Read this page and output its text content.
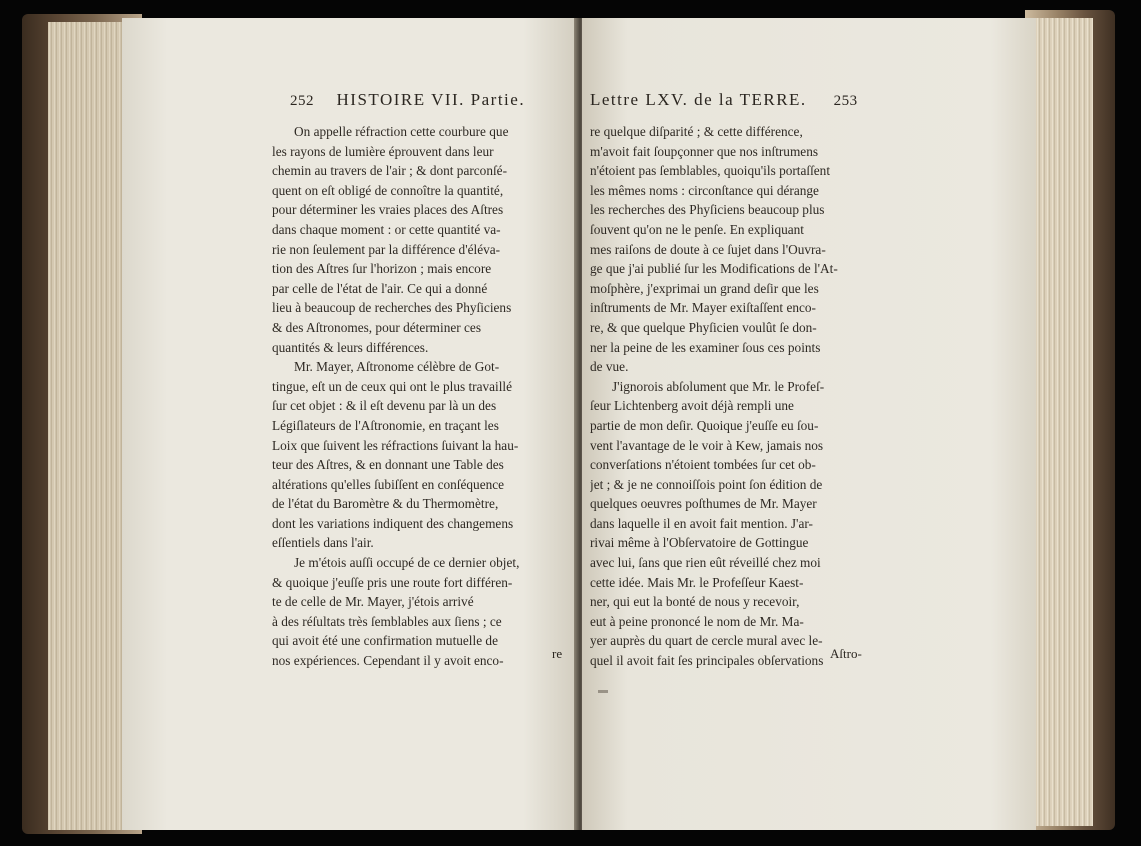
252 HISTOIRE VII. Partie.
On appelle réfraction cette courbure que
les rayons de lumière éprouvent dans leur
chemin au travers de l'air ; & dont parconſé-
quent on eſt obligé de connoître la quantité,
pour déterminer les vraies places des Aſtres
dans chaque moment : or cette quantité va-
rie non ſeulement par la différence d'éléva-
tion des Aſtres ſur l'horizon ; mais encore
par celle de l'état de l'air. Ce qui a donné
lieu à beaucoup de recherches des Phyſiciens
& des Aſtronomes, pour déterminer ces
quantités & leurs différences.
Mr. Mayer, Aſtronome célèbre de Got-
tingue, eſt un de ceux qui ont le plus travaillé
ſur cet objet : & il eſt devenu par là un des
Légiſlateurs de l'Aſtronomie, en traçant les
Loix que ſuivent les réfractions ſuivant la hau-
teur des Aſtres, & en donnant une Table des
altérations qu'elles ſubiſſent en conſéquence
de l'état du Baromètre & du Thermomètre,
dont les variations indiquent des changemens
eſſentiels dans l'air.
Je m'étois auſſi occupé de ce dernier objet,
& quoique j'euſſe pris une route fort différen-
te de celle de Mr. Mayer, j'étois arrivé
à des réſultats très ſemblables aux ſiens ; ce
qui avoit été une confirmation mutuelle de
nos expériences. Cependant il y avoit enco-	re
Lettre LXV. de la TERRE. 253
re quelque diſparité ; & cette différence,
m'avoit fait ſoupçonner que nos inſtrumens
n'étoient pas ſemblables, quoiqu'ils portaſſent
les mêmes noms : circonſtance qui dérange
les recherches des Phyſiciens beaucoup plus
ſouvent qu'on ne le penſe. En expliquant
mes raiſons de doute à ce ſujet dans l'Ouvra-
ge que j'ai publié ſur les Modifications de l'At-
moſphère, j'exprimai un grand deſir que les
inſtruments de Mr. Mayer exiſtaſſent enco-
re, & que quelque Phyſicien voulût ſe don-
ner la peine de les examiner ſous ces points
de vue.
J'ignorois abſolument que Mr. le Profeſ-
ſeur Lichtenberg avoit déjà rempli une
partie de mon deſir. Quoique j'euſſe eu ſou-
vent l'avantage de le voir à Kew, jamais nos
converſations n'étoient tombées ſur cet ob-
jet ; & je ne connoiſſois point ſon édition de
quelques oeuvres poſthumes de Mr. Mayer
dans laquelle il en avoit fait mention. J'ar-
rivai même à l'Obſervatoire de Gottingue
avec lui, ſans que rien eût réveillé chez moi
cette idée. Mais Mr. le Profeſſeur Kaest-
ner, qui eut la bonté de nous y recevoir,
eut à peine prononcé le nom de Mr. Ma-
yer auprès du quart de cercle mural avec le-
quel il avoit fait ſes principales obſervations Aſtro-
